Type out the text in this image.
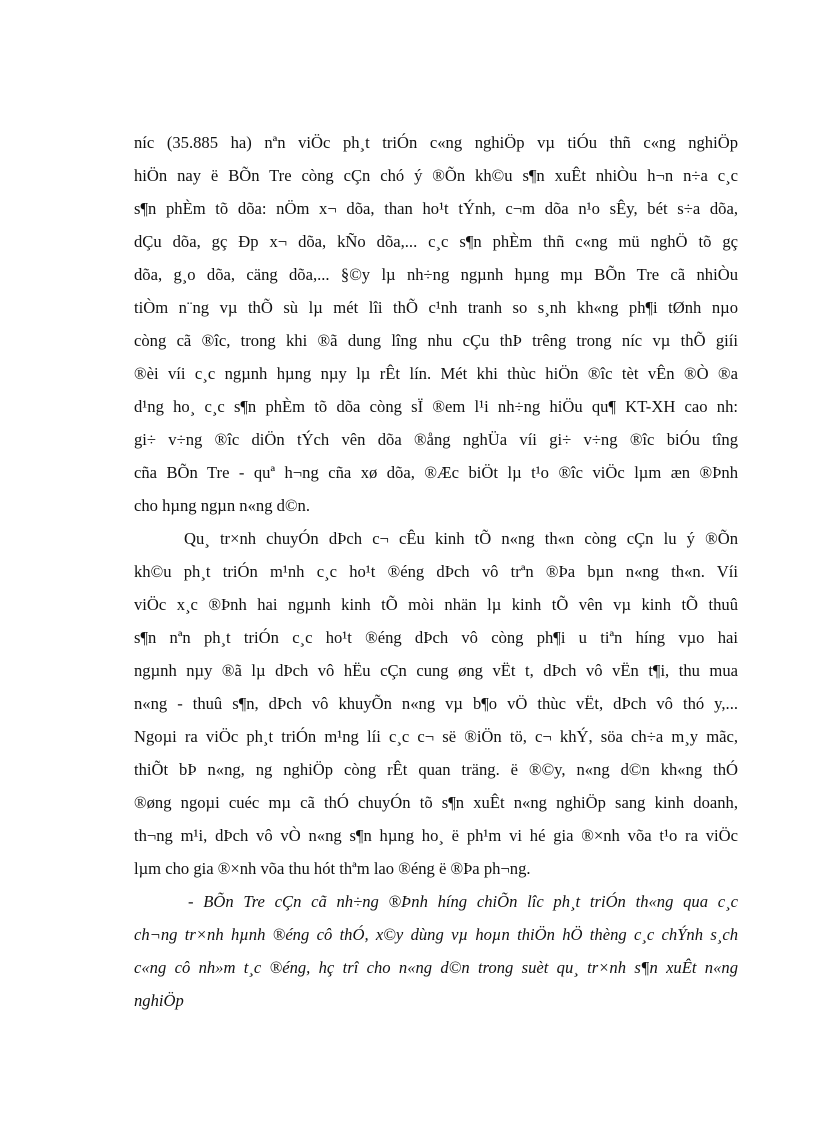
níc (35.885 ha) nªn viÖc ph¸t triÓn c«ng nghiÖp vµ tiÓu thñ c«ng nghiÖp
hiÖn nay ë BÕn Tre còng cÇn chó ý ®Õn kh©u s¶n xuÊt nhiÒu h¬n n÷a c¸c
s¶n phÈm tõ dõa: nÖm x¬ dõa, than ho¹t tÝnh, c¬m dõa n¹o sÊy, bét s÷a dõa,
dÇu dõa, gç Ðp x¬ dõa, kÑo dõa,... c¸c s¶n phÈm thñ c«ng mü nghÖ tõ gç
dõa, g¸o dõa, cäng dõa,... §©y lµ nh÷ng ngµnh hµng mµ BÕn Tre cã nhiÒu
tiÒm n¨ng vµ thÕ sù lµ mét lîi thÕ c¹nh tranh so s¸nh kh«ng ph¶i tØnh nµo
còng cã ®îc, trong khi ®ã dung lîng nhu cÇu thÞ trêng trong níc vµ thÕ giíi
®èi víi c¸c ngµnh hµng nµy lµ rÊt lín. Mét khi thùc hiÖn ®îc tèt vÊn ®Ò ®a
d¹ng ho¸ c¸c s¶n phÈm tõ dõa còng sÏ ®em l¹i nh÷ng hiÖu qu¶ KT-XH cao nh:
gi÷ v÷ng ®îc diÖn tÝch vên dõa ®ång nghÜa víi gi÷ v÷ng ®îc biÓu tîng
cña BÕn Tre - quª h¬ng cña xø dõa, ®Æc biÖt lµ t¹o ®îc viÖc lµm æn ®Þnh
cho hµng ngµn n«ng d©n.
Qu¸ tr×nh chuyÓn dÞch c¬ cÊu kinh tÕ n«ng th«n còng cÇn lu ý ®Õn
kh©u ph¸t triÓn m¹nh c¸c ho¹t ®éng dÞch vô trªn ®Þa bµn n«ng th«n. Víi
viÖc x¸c ®Þnh hai ngµnh kinh tÕ mòi nhän lµ kinh tÕ vên vµ kinh tÕ thuû
s¶n nªn ph¸t triÓn c¸c ho¹t ®éng dÞch vô còng ph¶i u tiªn híng vµo hai
ngµnh nµy ®ã lµ dÞch vô hËu cÇn cung øng vËt t, dÞch vô vËn t¶i, thu mua
n«ng - thuû s¶n, dÞch vô khuyÕn n«ng vµ b¶o vÖ thùc vËt, dÞch vô thó y,...
Ngoµi ra viÖc ph¸t triÓn m¹ng líi c¸c c¬ së ®iÖn tö, c¬ khÝ, söa ch÷a m¸y mãc,
thiÕt bÞ n«ng, ng nghiÖp còng rÊt quan träng. ë ®©y, n«ng d©n kh«ng thÓ
®øng ngoµi cuéc mµ cã thÓ chuyÓn tõ s¶n xuÊt n«ng nghiÖp sang kinh doanh,
th¬ng m¹i, dÞch vô vÒ n«ng s¶n hµng ho¸ ë ph¹m vi hé gia ®×nh võa t¹o ra viÖc
lµm cho gia ®×nh võa thu hót thªm lao ®éng ë ®Þa ph¬ng.
- BÕn Tre cÇn cã nh÷ng ®Þnh híng chiÕn lîc ph¸t triÓn th«ng qua c¸c
ch¬ng tr×nh hµnh ®éng cô thÓ, x©y dùng vµ hoµn thiÖn hÖ thèng c¸c chÝnh s¸ch
c«ng cô nh»m t¸c ®éng, hç trî cho n«ng d©n trong suèt qu¸ tr×nh s¶n xuÊt n«ng
nghiÖp
